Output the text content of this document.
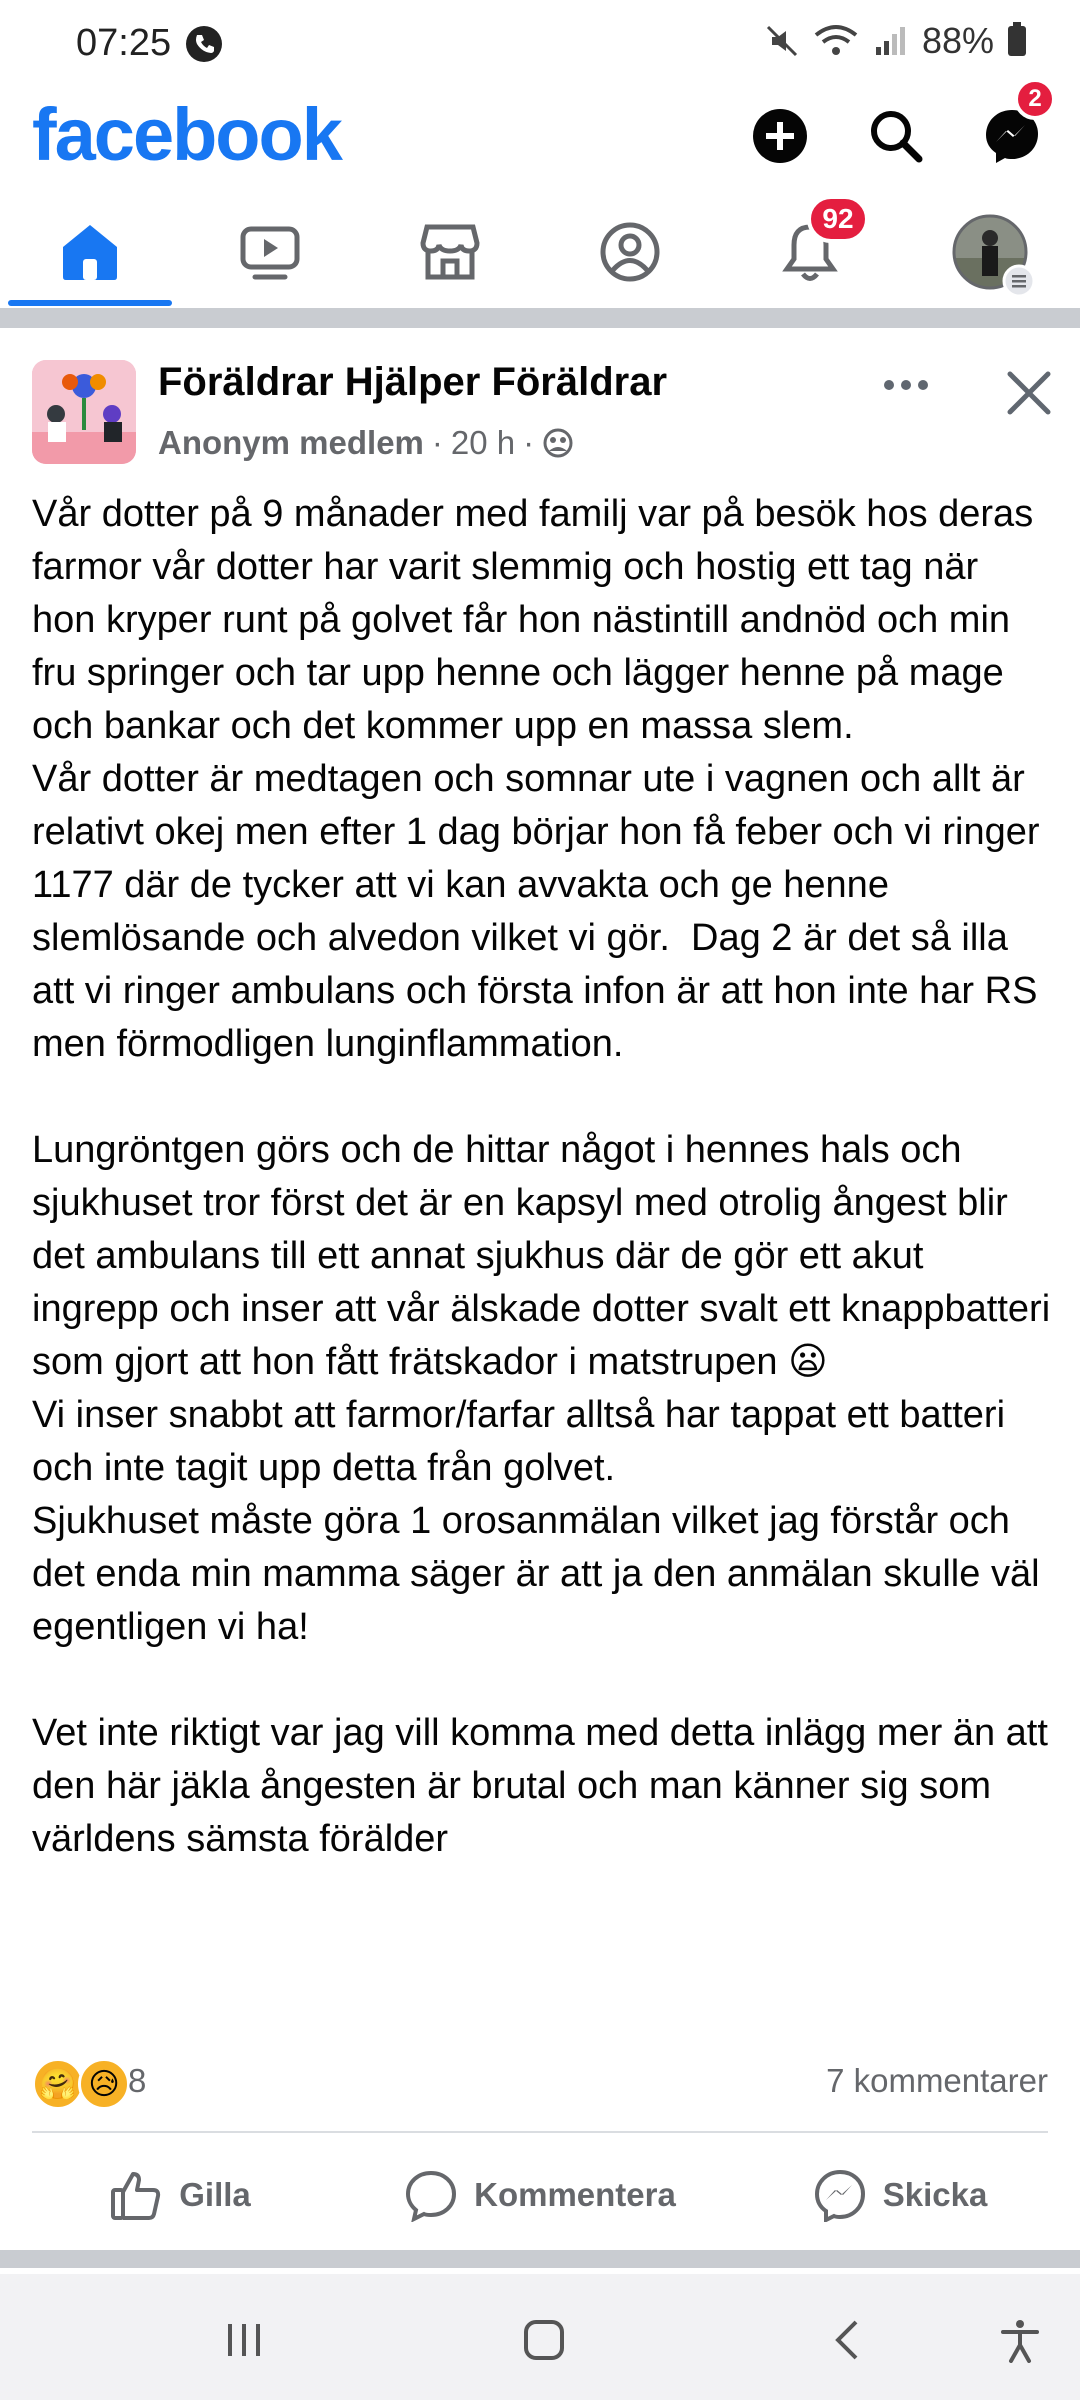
07:25	88%
facebook	2
92
Föräldrar Hjälper Föräldrar
Anonym medlem · 20 h ·

Vår dotter på 9 månader med familj var på besök hos deras farmor vår dotter har varit slemmig och hostig ett tag när hon kryper runt på golvet får hon nästintill andnöd och min fru springer och tar upp henne och lägger henne på mage och bankar och det kommer upp en massa slem.

Vår dotter är medtagen och somnar ute i vagnen och allt är relativt okej men efter 1 dag börjar hon få feber och vi ringer 1177 där de tycker att vi kan avvakta och ge henne slemlösande och alvedon vilket vi gör.  Dag 2 är det så illa att vi ringer ambulans och första infon är att hon inte har RS men förmodligen lunginflammation.

Lungröntgen görs och de hittar något i hennes hals och sjukhuset tror först det är en kapsyl med otrolig ångest blir det ambulans till ett annat sjukhus där de gör ett akut ingrepp och inser att vår älskade dotter svalt ett knappbatteri som gjort att hon fått frätskador i matstrupen 😦

Vi inser snabbt att farmor/farfar alltså har tappat ett batteri och inte tagit upp detta från golvet.

Sjukhuset måste göra 1 orosanmälan vilket jag förstår och det enda min mamma säger är att ja den anmälan skulle väl egentligen vi ha!

Vet inte riktigt var jag vill komma med detta inlägg mer än att den här jäkla ångesten är brutal och man känner sig som världens sämsta förälder

🤗 😥 8	7 kommentarer
Gilla	Kommentera	Skicka
